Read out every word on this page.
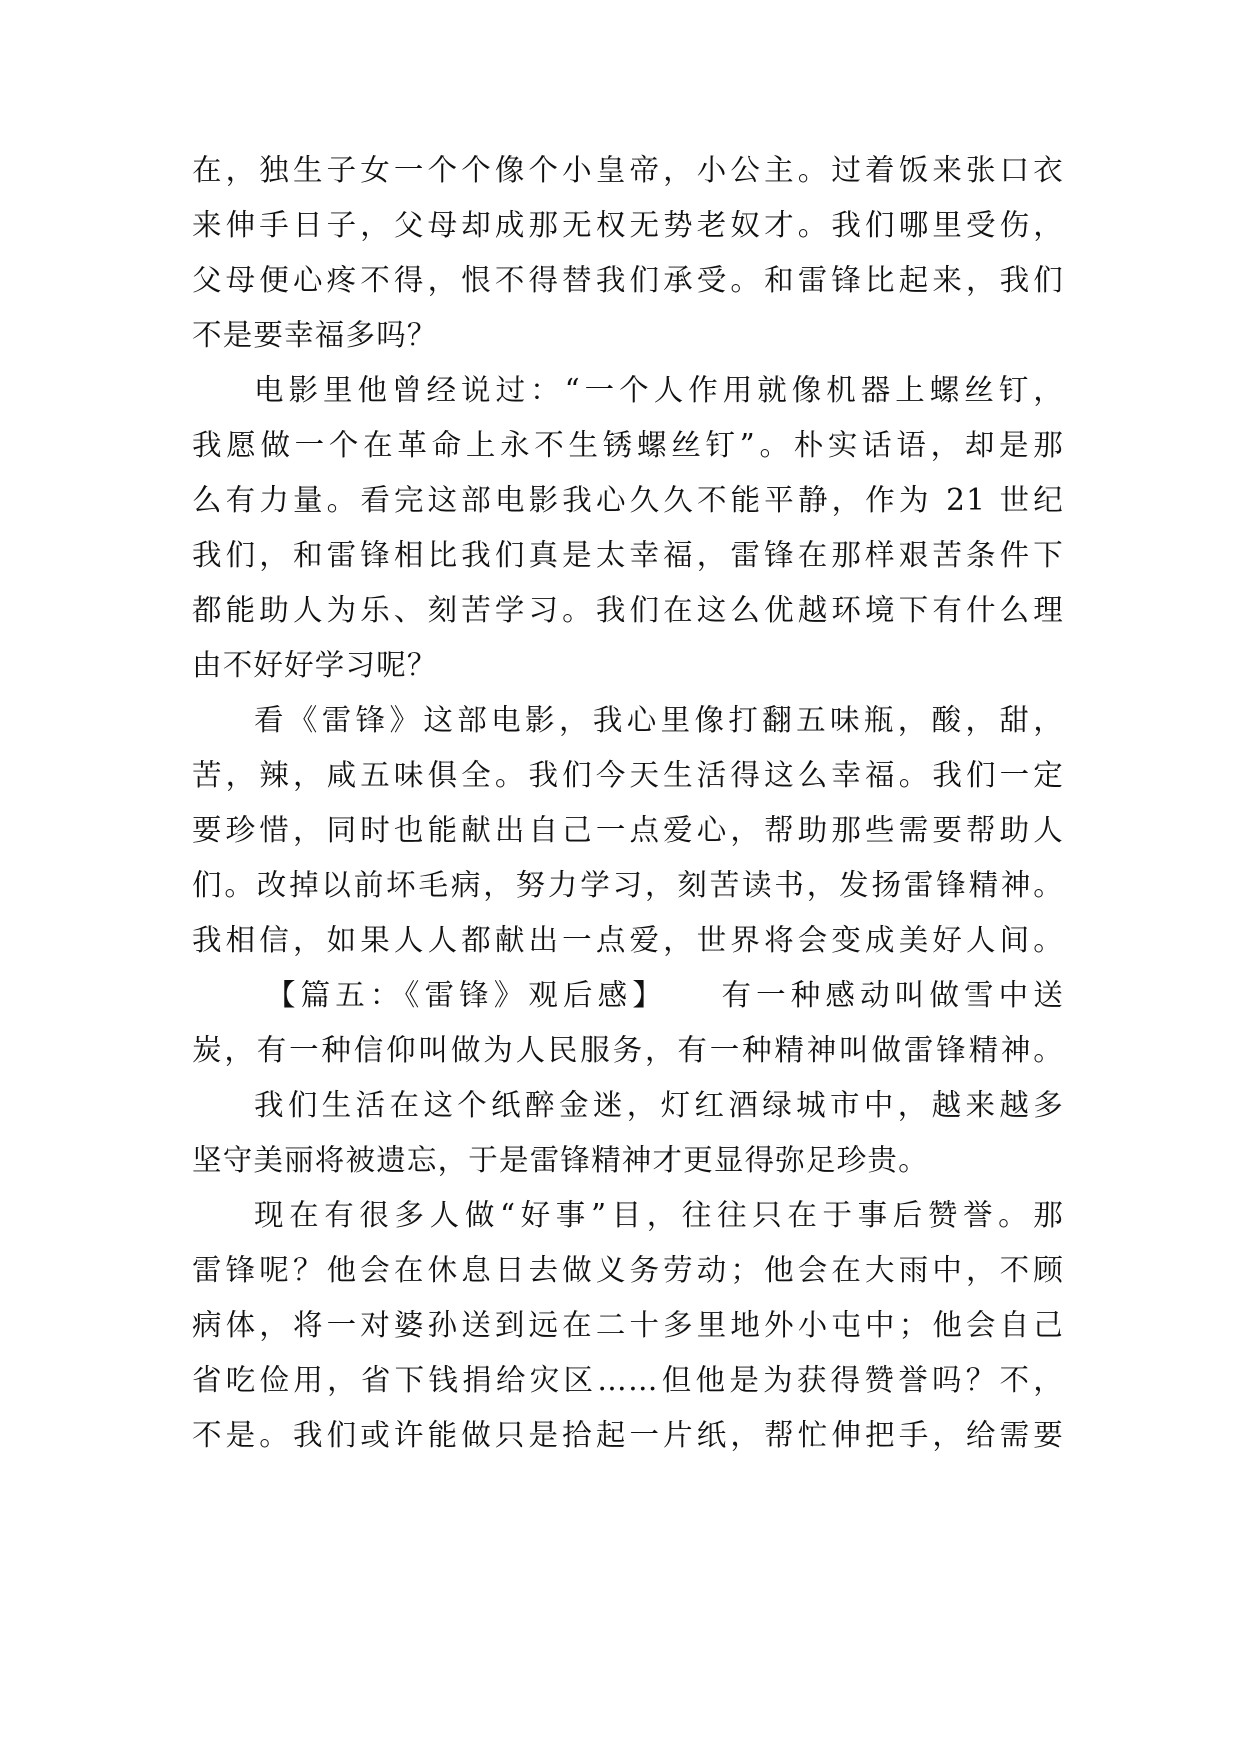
在，独生子女一个个像个小皇帝，小公主。过着饭来张口衣
来伸手日子，父母却成那无权无势老奴才。我们哪里受伤，
父母便心疼不得，恨不得替我们承受。和雷锋比起来，我们
不是要幸福多吗？
电影里他曾经说过：“一个人作用就像机器上螺丝钉，
我愿做一个在革命上永不生锈螺丝钉”。朴实话语，却是那
么有力量。看完这部电影我心久久不能平静，作为 21 世纪
我们，和雷锋相比我们真是太幸福，雷锋在那样艰苦条件下
都能助人为乐、刻苦学习。我们在这么优越环境下有什么理
由不好好学习呢？
看《雷锋》这部电影，我心里像打翻五味瓶，酸，甜，
苦，辣，咸五味俱全。我们今天生活得这么幸福。我们一定
要珍惜，同时也能献出自己一点爱心，帮助那些需要帮助人
们。改掉以前坏毛病，努力学习，刻苦读书，发扬雷锋精神。
我相信，如果人人都献出一点爱，世界将会变成美好人间。
【篇五：《雷锋》观后感】　　有一种感动叫做雪中送
炭，有一种信仰叫做为人民服务，有一种精神叫做雷锋精神。
我们生活在这个纸醉金迷，灯红酒绿城市中，越来越多
坚守美丽将被遗忘，于是雷锋精神才更显得弥足珍贵。
现在有很多人做“好事”目，往往只在于事后赞誉。那
雷锋呢？他会在休息日去做义务劳动；他会在大雨中，不顾
病体，将一对婆孙送到远在二十多里地外小屯中；他会自己
省吃俭用，省下钱捐给灾区……但他是为获得赞誉吗？不，
不是。我们或许能做只是拾起一片纸，帮忙伸把手，给需要
